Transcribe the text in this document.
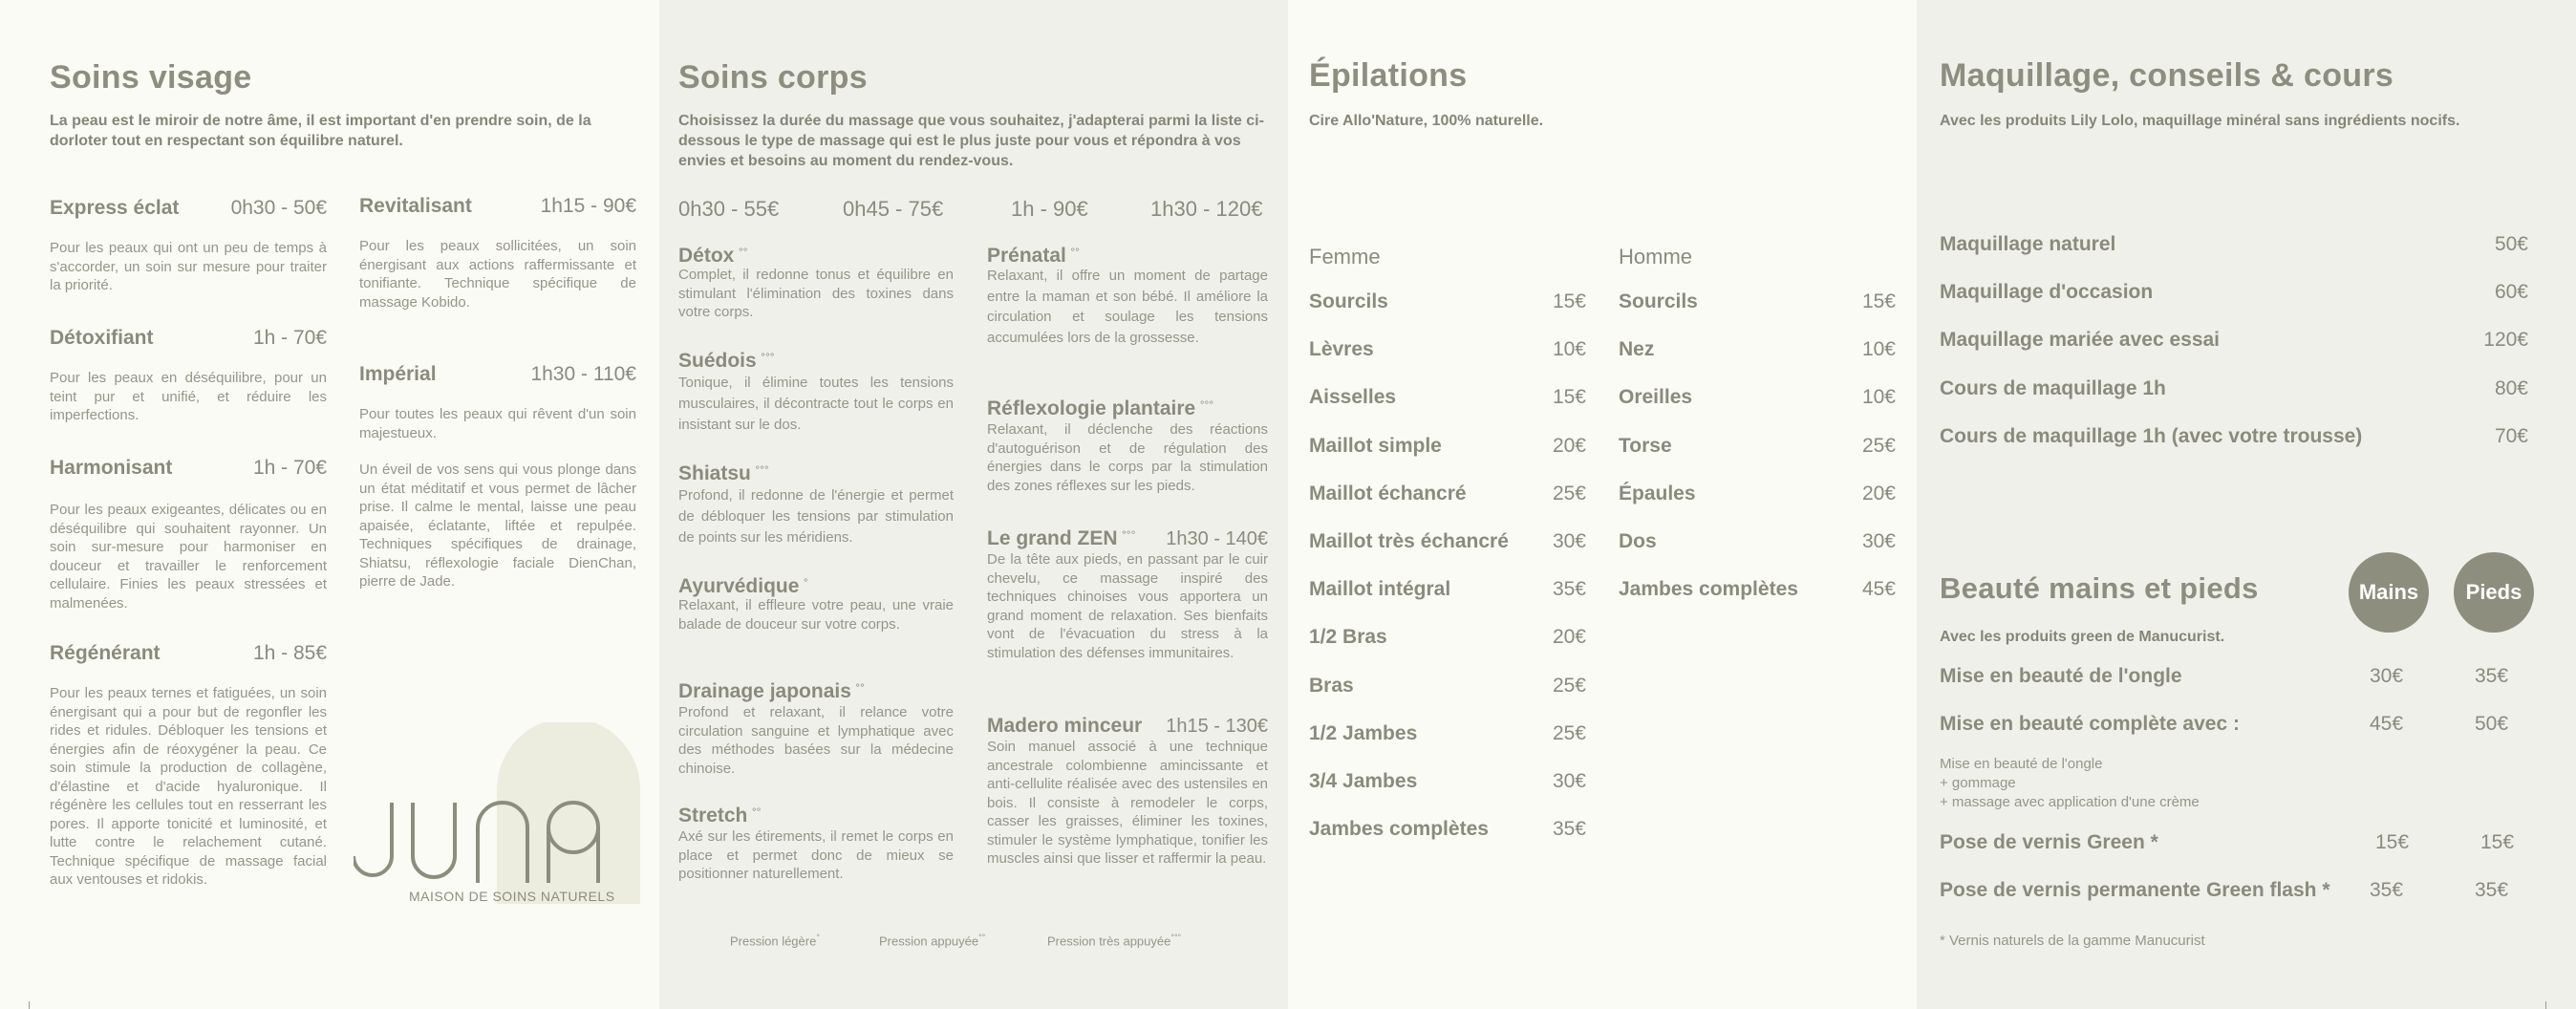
Soins visage
La peau est le miroir de notre âme, il est important d'en prendre soin, de la dorloter tout en respectant son équilibre naturel.
Express éclat	0h30 - 50€
Pour les peaux qui ont un peu de temps à s'accorder, un soin sur mesure pour traiter la priorité.
Détoxifiant	1h - 70€
Pour les peaux en déséquilibre, pour un teint pur et unifié, et réduire les imperfections.
Harmonisant	1h - 70€
Pour les peaux exigeantes, délicates ou en déséquilibre qui souhaitent rayonner. Un soin sur-mesure pour harmoniser en douceur et travailler le renforcement cellulaire. Finies les peaux stressées et malmenées.
Régénérant	1h - 85€
Pour les peaux ternes et fatiguées, un soin énergisant qui a pour but de regonfler les rides et ridules. Débloquer les tensions et énergies afin de réoxygéner la peau. Ce soin stimule la production de collagène, d'élastine et d'acide hyaluronique. Il régénère les cellules tout en resserrant les pores. Il apporte tonicité et luminosité, et lutte contre le relachement cutané. Technique spécifique de massage facial aux ventouses et ridokis.
Revitalisant	1h15 - 90€
Pour les peaux sollicitées, un soin énergisant aux actions raffermissante et tonifiante. Technique spécifique de massage Kobido.
Impérial	1h30 - 110€
Pour toutes les peaux qui rêvent d'un soin majestueux.
Un éveil de vos sens qui vous plonge dans un état méditatif et vous permet de lâcher prise. Il calme le mental, laisse une peau apaisée, éclatante, liftée et repulpée. Techniques spécifiques de drainage, Shiatsu, réflexologie faciale DienChan, pierre de Jade.
MAISON DE SOINS NATURELS
Soins corps
Choisissez la durée du massage que vous souhaitez, j'adapterai parmi la liste ci-dessous le type de massage qui est le plus juste pour vous et répondra à vos envies et besoins au moment du rendez-vous.
0h30 - 55€	0h45 - 75€	1h - 90€	1h30 - 120€
Détox °°
Complet, il redonne tonus et équilibre en stimulant l'élimination des toxines dans votre corps.
Suédois °°°
Tonique, il élimine toutes les tensions musculaires, il décontracte tout le corps en insistant sur le dos.
Shiatsu °°°
Profond, il redonne de l'énergie et permet de débloquer les tensions par stimulation de points sur les méridiens.
Ayurvédique °
Relaxant, il effleure votre peau, une vraie balade de douceur sur votre corps.
Drainage japonais °°
Profond et relaxant, il relance votre circulation sanguine et lymphatique avec des méthodes basées sur la médecine chinoise.
Stretch °°
Axé sur les étirements, il remet le corps en place et permet donc de mieux se positionner naturellement.
Prénatal °°
Relaxant, il offre un moment de partage entre la maman et son bébé. Il améliore la circulation et soulage les tensions accumulées lors de la grossesse.
Réflexologie plantaire °°°
Relaxant, il déclenche des réactions d'autoguérison et de régulation des énergies dans le corps par la stimulation des zones réflexes sur les pieds.
Le grand ZEN °°° 1h30 - 140€
De la tête aux pieds, en passant par le cuir chevelu, ce massage inspiré des techniques chinoises vous apportera un grand moment de relaxation. Ses bienfaits vont de l'évacuation du stress à la stimulation des défenses immunitaires.
Madero minceur 1h15 - 130€
Soin manuel associé à une technique ancestrale colombienne amincissante et anti-cellulite réalisée avec des ustensiles en bois. Il consiste à remodeler le corps, casser les graisses, éliminer les toxines, stimuler le système lymphatique, tonifier les muscles ainsi que lisser et raffermir la peau.
Pression légère°	Pression appuyée°°	Pression très appuyée°°°
Épilations
Cire Allo'Nature, 100% naturelle.
Femme	Homme
Sourcils	15€
Lèvres	10€
Aisselles	15€
Maillot simple	20€
Maillot échancré	25€
Maillot très échancré 30€
Maillot intégral	35€
1/2 Bras	20€
Bras	25€
1/2 Jambes	25€
3/4 Jambes	30€
Jambes complètes	35€
Sourcils	15€
Nez	10€
Oreilles	10€
Torse	25€
Épaules	20€
Dos	30€
Jambes complètes	45€
Maquillage, conseils & cours
Avec les produits Lily Lolo, maquillage minéral sans ingrédients nocifs.
Maquillage naturel	50€
Maquillage d'occasion	60€
Maquillage mariée avec essai	120€
Cours de maquillage 1h	80€
Cours de maquillage 1h (avec votre trousse)	70€
Beauté mains et pieds	Mains	Pieds
Avec les produits green de Manucurist.
Mise en beauté de l'ongle	30€	35€
Mise en beauté complète avec :	45€	50€
Mise en beauté de l'ongle
+ gommage
+ massage avec application d'une crème
Pose de vernis Green *	15€	15€
Pose de vernis permanente Green flash * 35€	35€
* Vernis naturels de la gamme Manucurist
